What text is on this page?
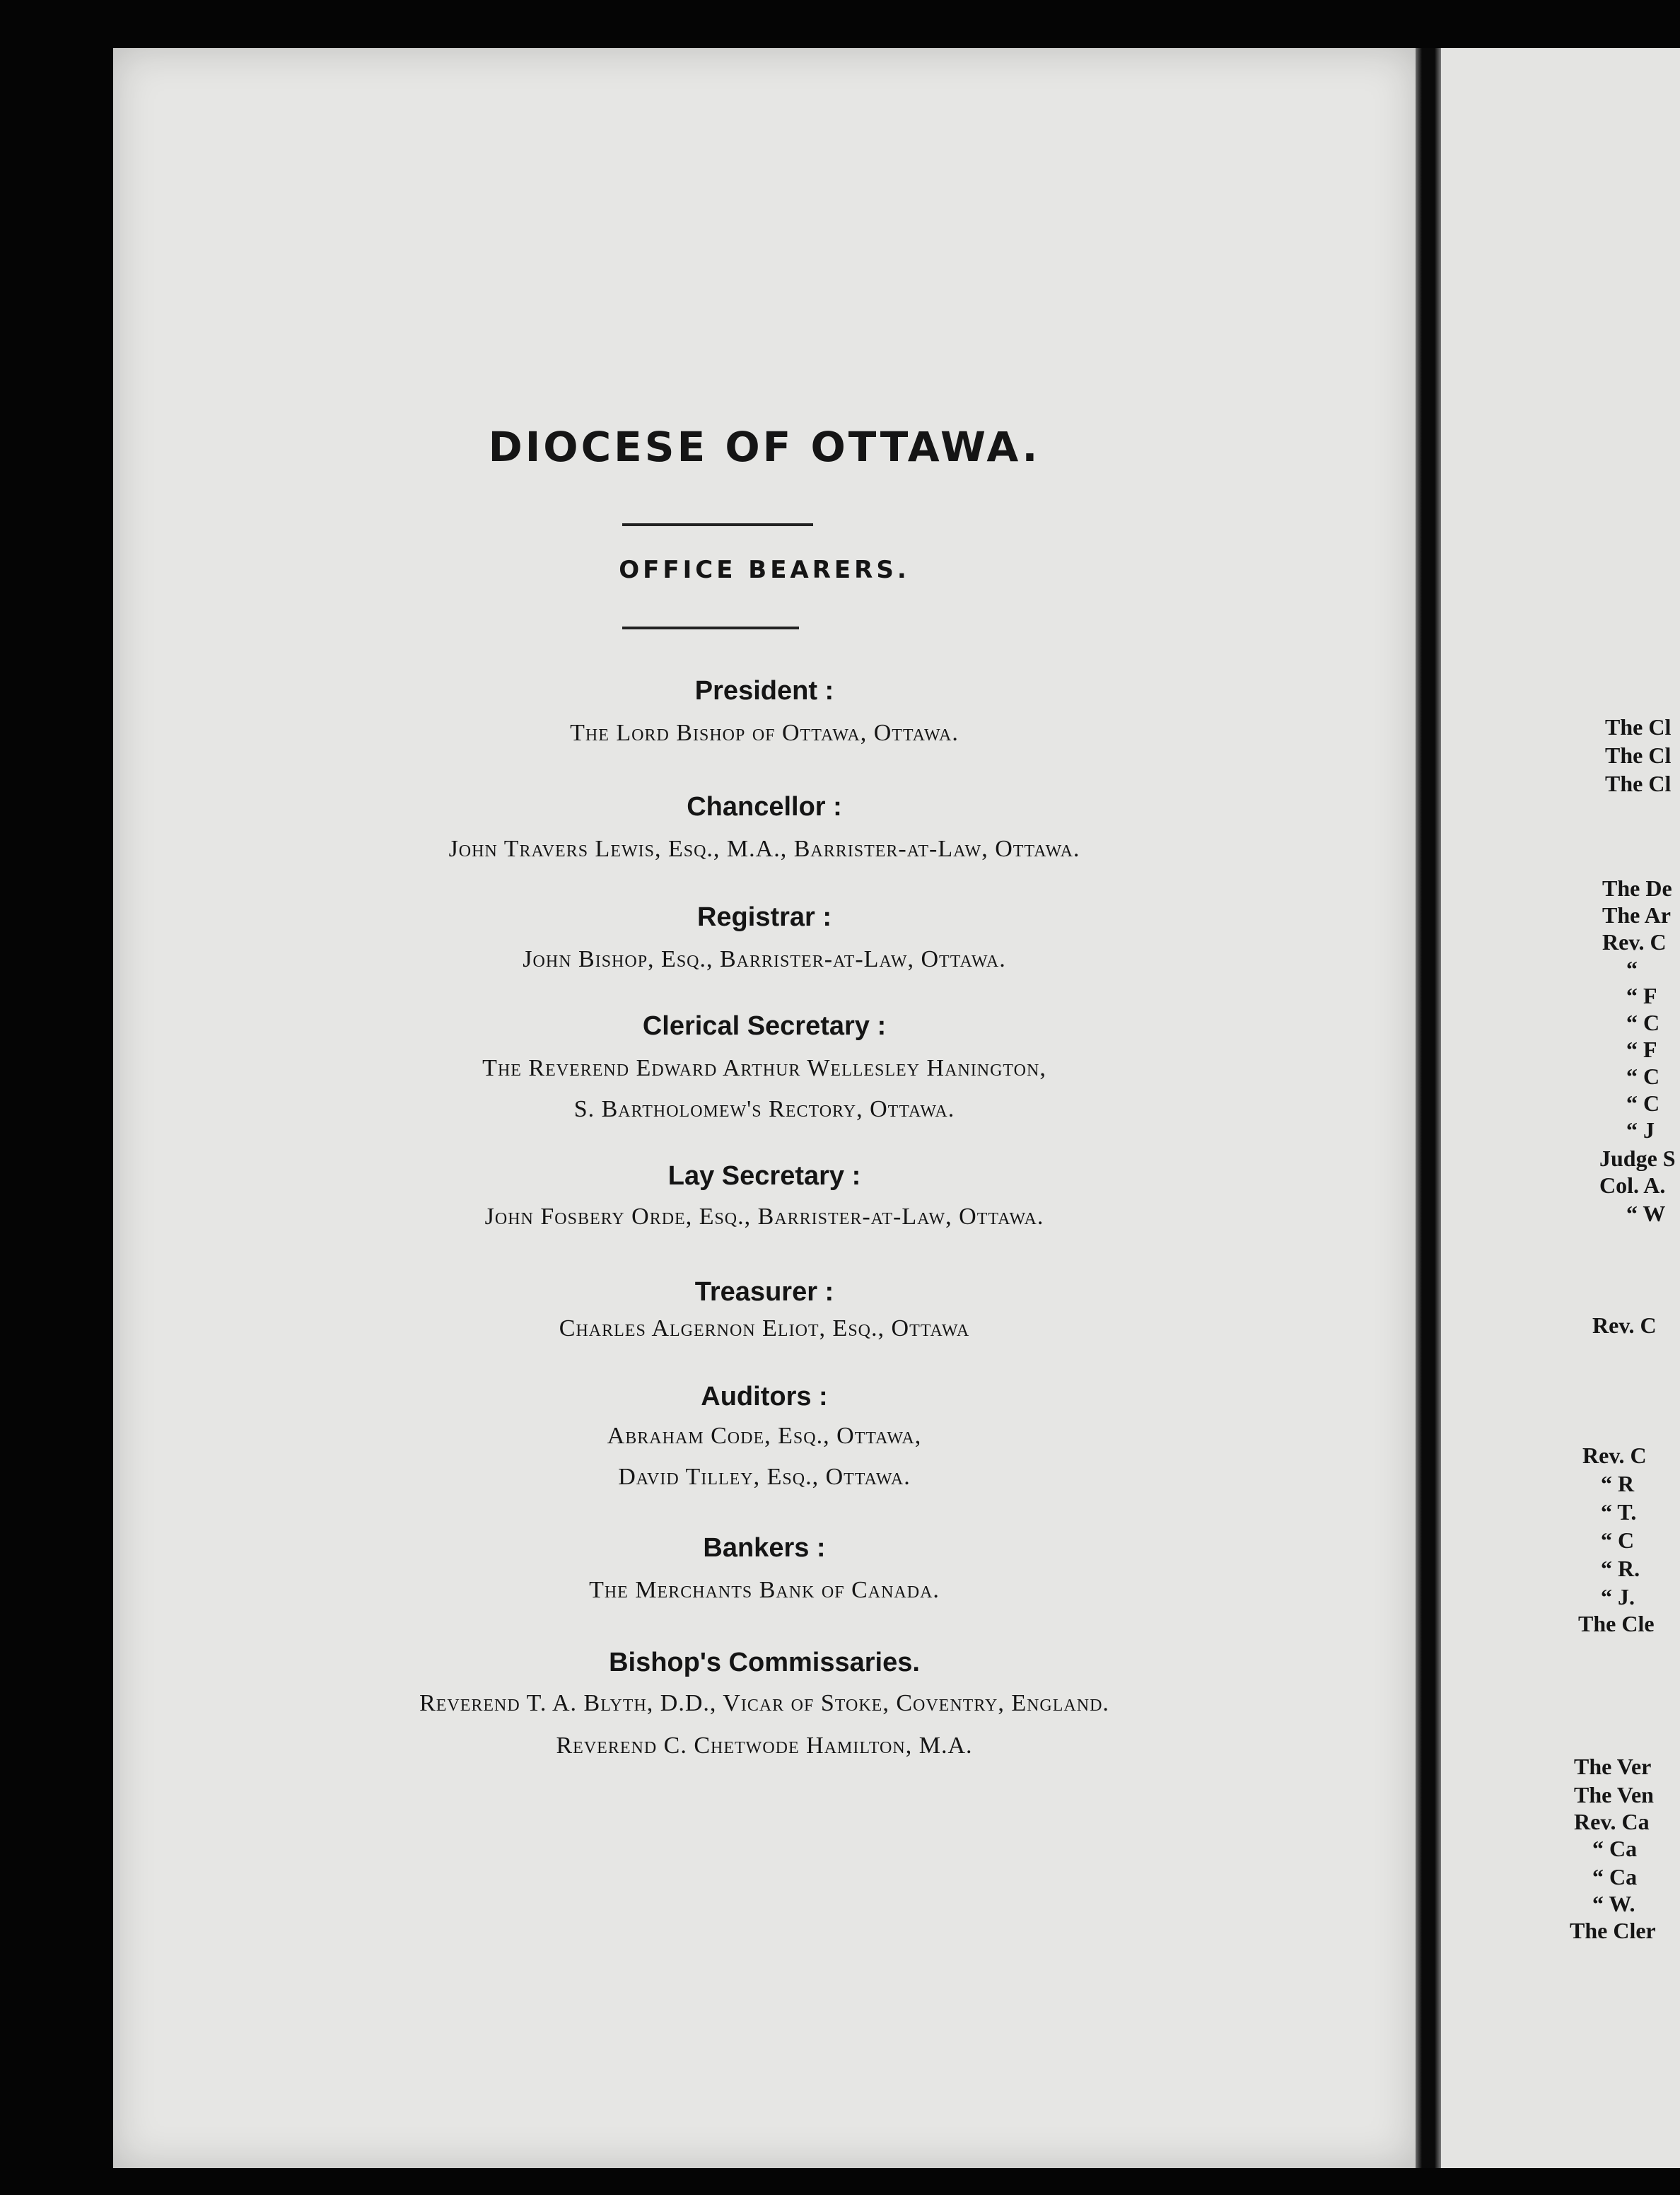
DIOCESE OF OTTAWA.
OFFICE BEARERS.
President :
The Lord Bishop of Ottawa, Ottawa.
Chancellor :
John Travers Lewis, Esq., M.A., Barrister-at-Law, Ottawa.
Registrar :
John Bishop, Esq., Barrister-at-Law, Ottawa.
Clerical Secretary :
The Reverend Edward Arthur Wellesley Hanington,
S. Bartholomew's Rectory, Ottawa.
Lay Secretary :
John Fosbery Orde, Esq., Barrister-at-Law, Ottawa.
Treasurer :
Charles Algernon Eliot, Esq., Ottawa
Auditors :
Abraham Code, Esq., Ottawa,
David Tilley, Esq., Ottawa.
Bankers :
The Merchants Bank of Canada.
Bishop's Commissaries.
Reverend T. A. Blyth, D.D., Vicar of Stoke, Coventry, England.
Reverend C. Chetwode Hamilton, M.A.
The Cl
The Cl
The Cl
The De
The Ar
Rev. C
“
“ F
“ C
“ F
“ C
“ C
“ J
Judge S
Col. A.
“ W
Rev. C
Rev. C
“ R
“ T.
“ C
“ R.
“ J.
The Cle
The Ver
The Ven
Rev. Ca
“ Ca
“ Ca
“ W.
The Cler
